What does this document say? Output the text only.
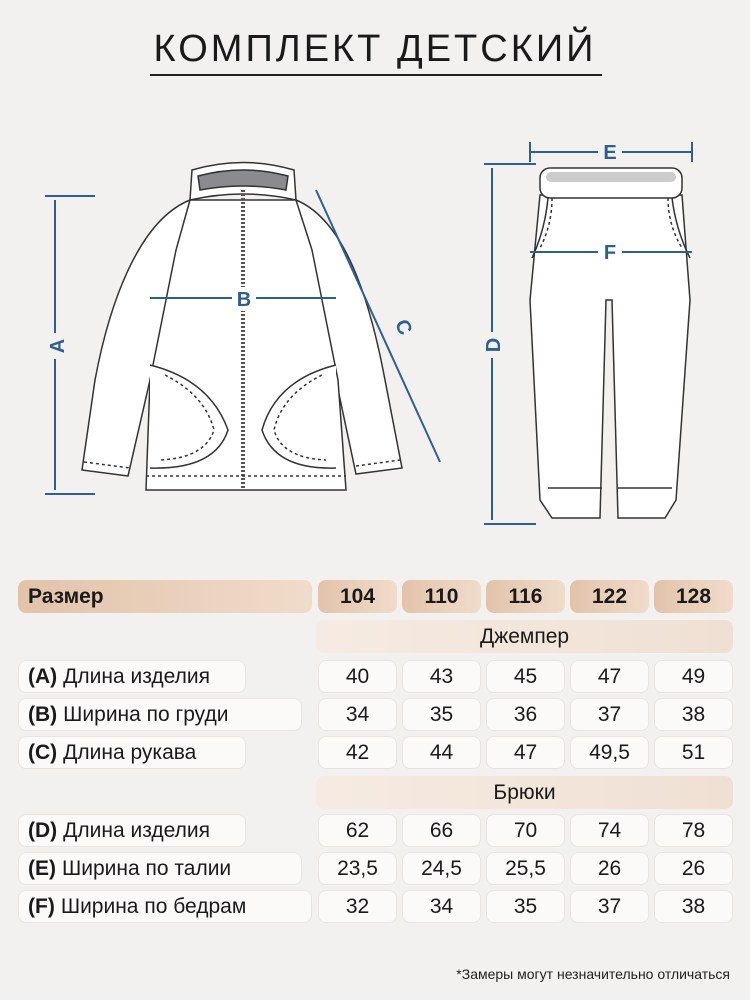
КОМПЛЕКТ ДЕТСКИЙ
A
B
C
D
E
F
Размер	104	110	116	122	128
Джемпер
(A) Длина изделия	40	43	45	47	49
(B) Ширина по груди	34	35	36	37	38
(C) Длина рукава	42	44	47	49,5	51
Брюки
(D) Длина изделия	62	66	70	74	78
(E) Ширина по талии	23,5	24,5	25,5	26	26
(F) Ширина по бедрам	32	34	35	37	38
*Замеры могут незначительно отличаться
